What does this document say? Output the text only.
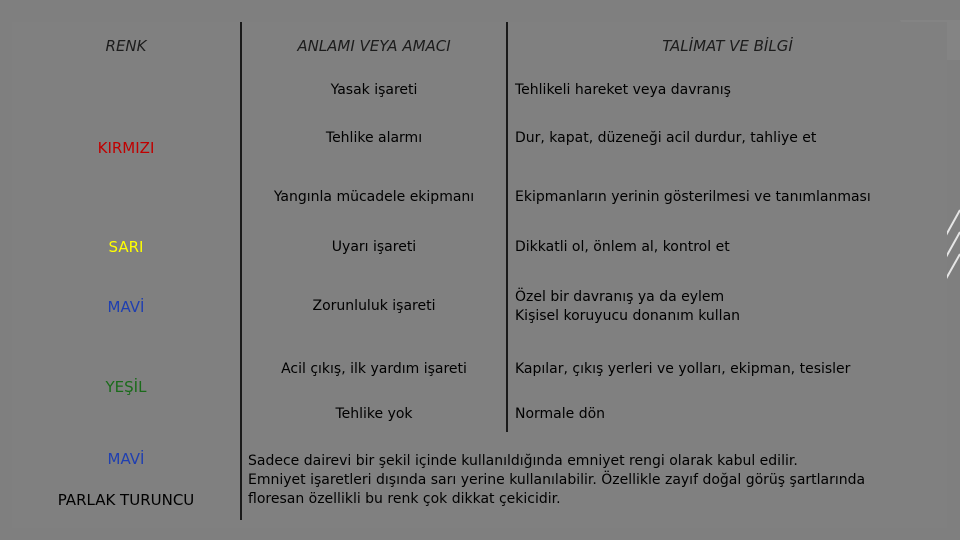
RENK	ANLAMI VEYA AMACI	TALİMAT VE BİLGİ
KIRMIZI
SARI
MAVİ
YEŞİL
MAVİ
PARLAK TURUNCU
Yasak işareti
Tehlike alarmı
Yangınla mücadele ekipmanı
Uyarı işareti
Zorunluluk işareti
Acil çıkış, ilk yardım işareti
Tehlike yok
Tehlikeli hareket veya davranış
Dur, kapat, düzeneği acil durdur, tahliye et
Ekipmanların yerinin gösterilmesi ve tanımlanması
Dikkatli ol, önlem al, kontrol et
Özel bir davranış ya da eylem
Kişisel koruyucu donanım kullan
Kapılar, çıkış yerleri ve yolları, ekipman, tesisler
Normale dön
Sadece dairevi bir şekil içinde kullanıldığında emniyet rengi olarak kabul edilir.
Emniyet işaretleri dışında sarı yerine kullanılabilir. Özellikle zayıf doğal görüş şartlarında
floresan özellikli bu renk çok dikkat çekicidir.
